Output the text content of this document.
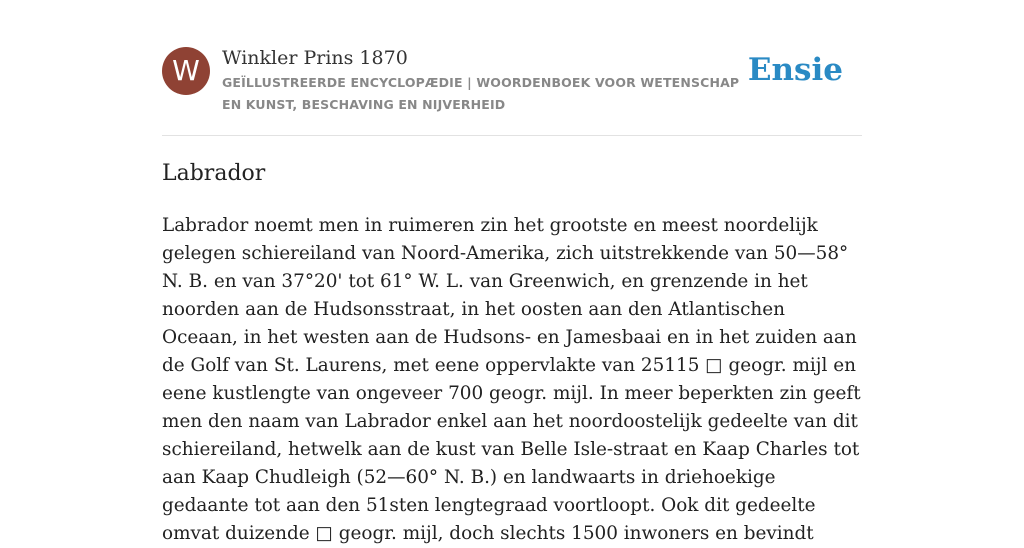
W	Winkler Prins 1870
GEÏLLUSTREERDE ENCYCLOPÆDIE | WOORDENBOEK VOOR WETENSCHAP EN KUNST, BESCHAVING EN NIJVERHEID
Ensie
Labrador

Labrador noemt men in ruimeren zin het grootste en meest noordelijk gelegen schiereiland van Noord-Amerika, zich uitstrekkende van 50—58° N. B. en van 37°20' tot 61° W. L. van Greenwich, en grenzende in het noorden aan de Hudsonsstraat, in het oosten aan den Atlantischen Oceaan, in het westen aan de Hudsons- en Jamesbaai en in het zuiden aan de Golf van St. Laurens, met eene oppervlakte van 25115 □ geogr. mijl en eene kustlengte van ongeveer 700 geogr. mijl. In meer beperkten zin geeft men den naam van Labrador enkel aan het noordoostelijk gedeelte van dit schiereiland, hetwelk aan de kust van Belle Isle-straat en Kaap Charles tot aan Kaap Chudleigh (52—60° N. B.) en landwaarts in driehoekige gedaante tot aan den 51sten lengtegraad voortloopt. Ook dit gedeelte omvat duizende □ geogr. mijl, doch slechts 1500 inwoners en bevindt
